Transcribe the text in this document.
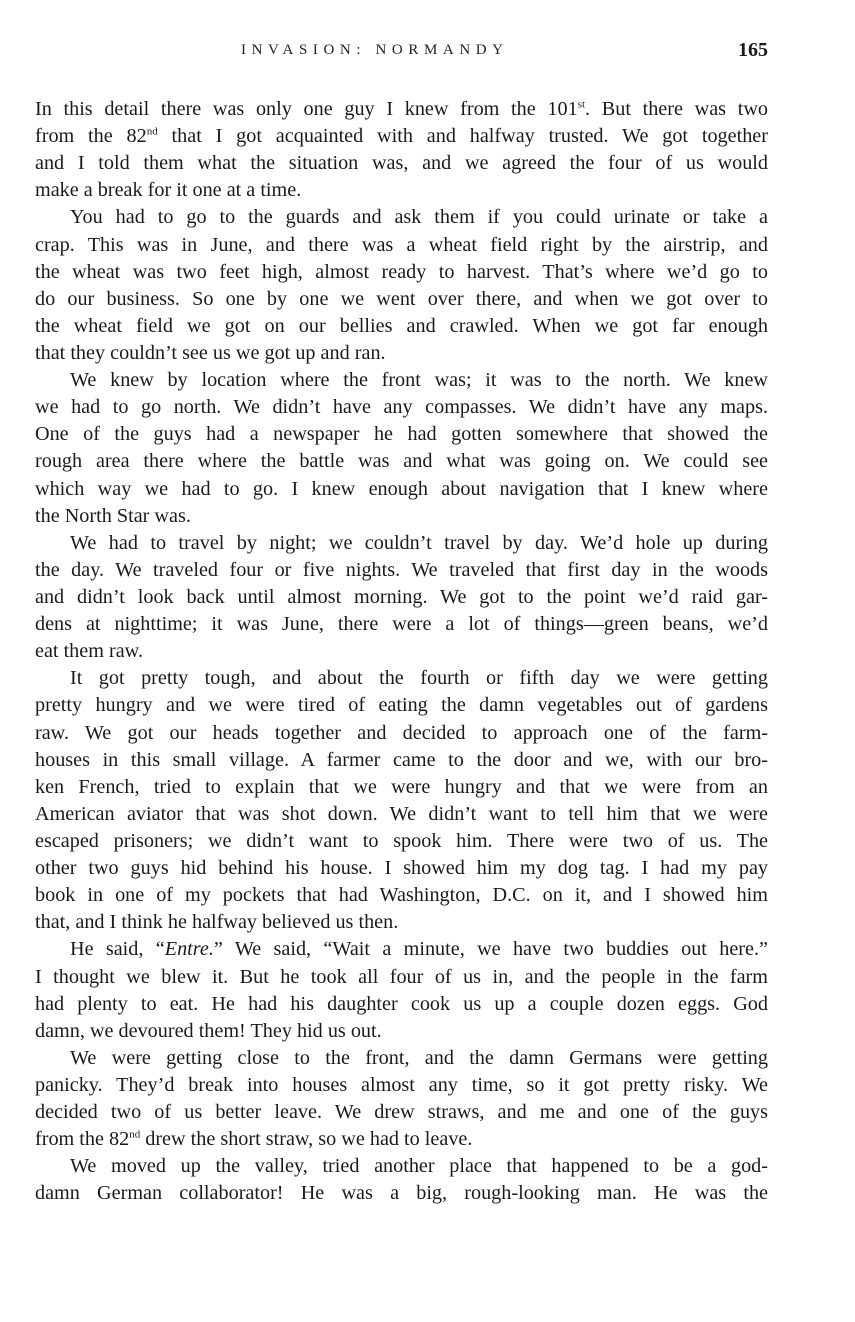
INVASION: NORMANDY	165
In this detail there was only one guy I knew from the 101st. But there was two
from the 82nd that I got acquainted with and halfway trusted. We got together
and I told them what the situation was, and we agreed the four of us would
make a break for it one at a time.
You had to go to the guards and ask them if you could urinate or take a
crap. This was in June, and there was a wheat field right by the airstrip, and
the wheat was two feet high, almost ready to harvest. That’s where we’d go to
do our business. So one by one we went over there, and when we got over to
the wheat field we got on our bellies and crawled. When we got far enough
that they couldn’t see us we got up and ran.
We knew by location where the front was; it was to the north. We knew
we had to go north. We didn’t have any compasses. We didn’t have any maps.
One of the guys had a newspaper he had gotten somewhere that showed the
rough area there where the battle was and what was going on. We could see
which way we had to go. I knew enough about navigation that I knew where
the North Star was.
We had to travel by night; we couldn’t travel by day. We’d hole up during
the day. We traveled four or five nights. We traveled that first day in the woods
and didn’t look back until almost morning. We got to the point we’d raid gar-
dens at nighttime; it was June, there were a lot of things—green beans, we’d
eat them raw.
It got pretty tough, and about the fourth or fifth day we were getting
pretty hungry and we were tired of eating the damn vegetables out of gardens
raw. We got our heads together and decided to approach one of the farm-
houses in this small village. A farmer came to the door and we, with our bro-
ken French, tried to explain that we were hungry and that we were from an
American aviator that was shot down. We didn’t want to tell him that we were
escaped prisoners; we didn’t want to spook him. There were two of us. The
other two guys hid behind his house. I showed him my dog tag. I had my pay
book in one of my pockets that had Washington, D.C. on it, and I showed him
that, and I think he halfway believed us then.
He said, “Entre.” We said, “Wait a minute, we have two buddies out here.”
I thought we blew it. But he took all four of us in, and the people in the farm
had plenty to eat. He had his daughter cook us up a couple dozen eggs. God
damn, we devoured them! They hid us out.
We were getting close to the front, and the damn Germans were getting
panicky. They’d break into houses almost any time, so it got pretty risky. We
decided two of us better leave. We drew straws, and me and one of the guys
from the 82nd drew the short straw, so we had to leave.
We moved up the valley, tried another place that happened to be a god-
damn German collaborator! He was a big, rough-looking man. He was the
